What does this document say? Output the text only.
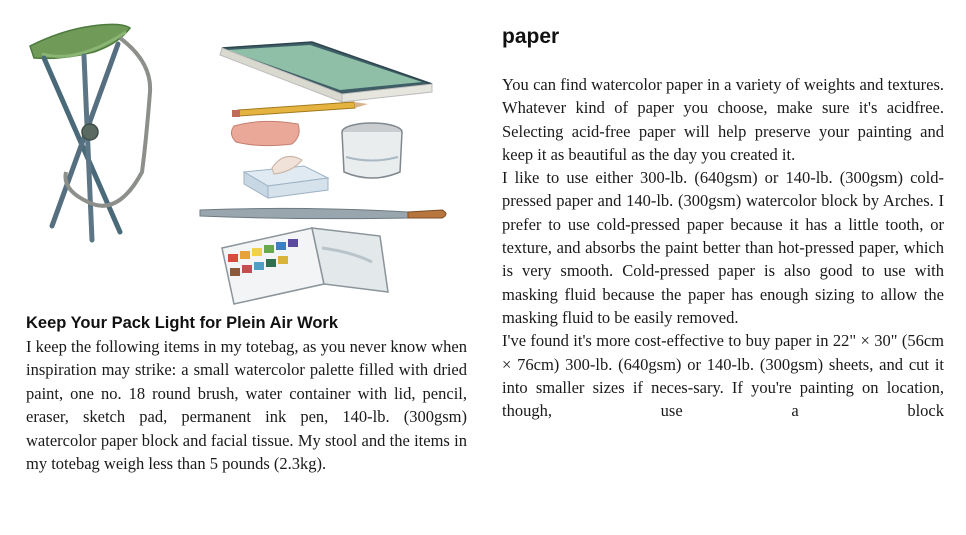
Keep Your Pack Light for Plein Air Work

I keep the following items in my totebag, as you never know when inspiration may strike: a small watercolor palette filled with dried paint, one no. 18 round brush, water container with lid, pencil, eraser, sketch pad, permanent ink pen, 140-lb. (300gsm) watercolor paper block and facial tissue. My stool and the items in my totebag weigh less than 5 pounds (2.3kg).

paper

You can find watercolor paper in a variety of weights and textures. Whatever kind of paper you choose, make sure it's acidfree. Selecting acid-free paper will help preserve your painting and keep it as beautiful as the day you created it.

I like to use either 300-lb. (640gsm) or 140-lb. (300gsm) cold-pressed paper and 140-lb. (300gsm) watercolor block by Arches. I prefer to use cold-pressed paper because it has a little tooth, or texture, and absorbs the paint better than hot-pressed paper, which is very smooth. Cold-pressed paper is also good to use with masking fluid because the paper has enough sizing to allow the masking fluid to be easily removed.

I've found it's more cost-effective to buy paper in 22" × 30" (56cm × 76cm) 300-lb. (640gsm) or 140-lb. (300gsm) sheets, and cut it into smaller sizes if neces-sary. If you're painting on location, though, use a block
